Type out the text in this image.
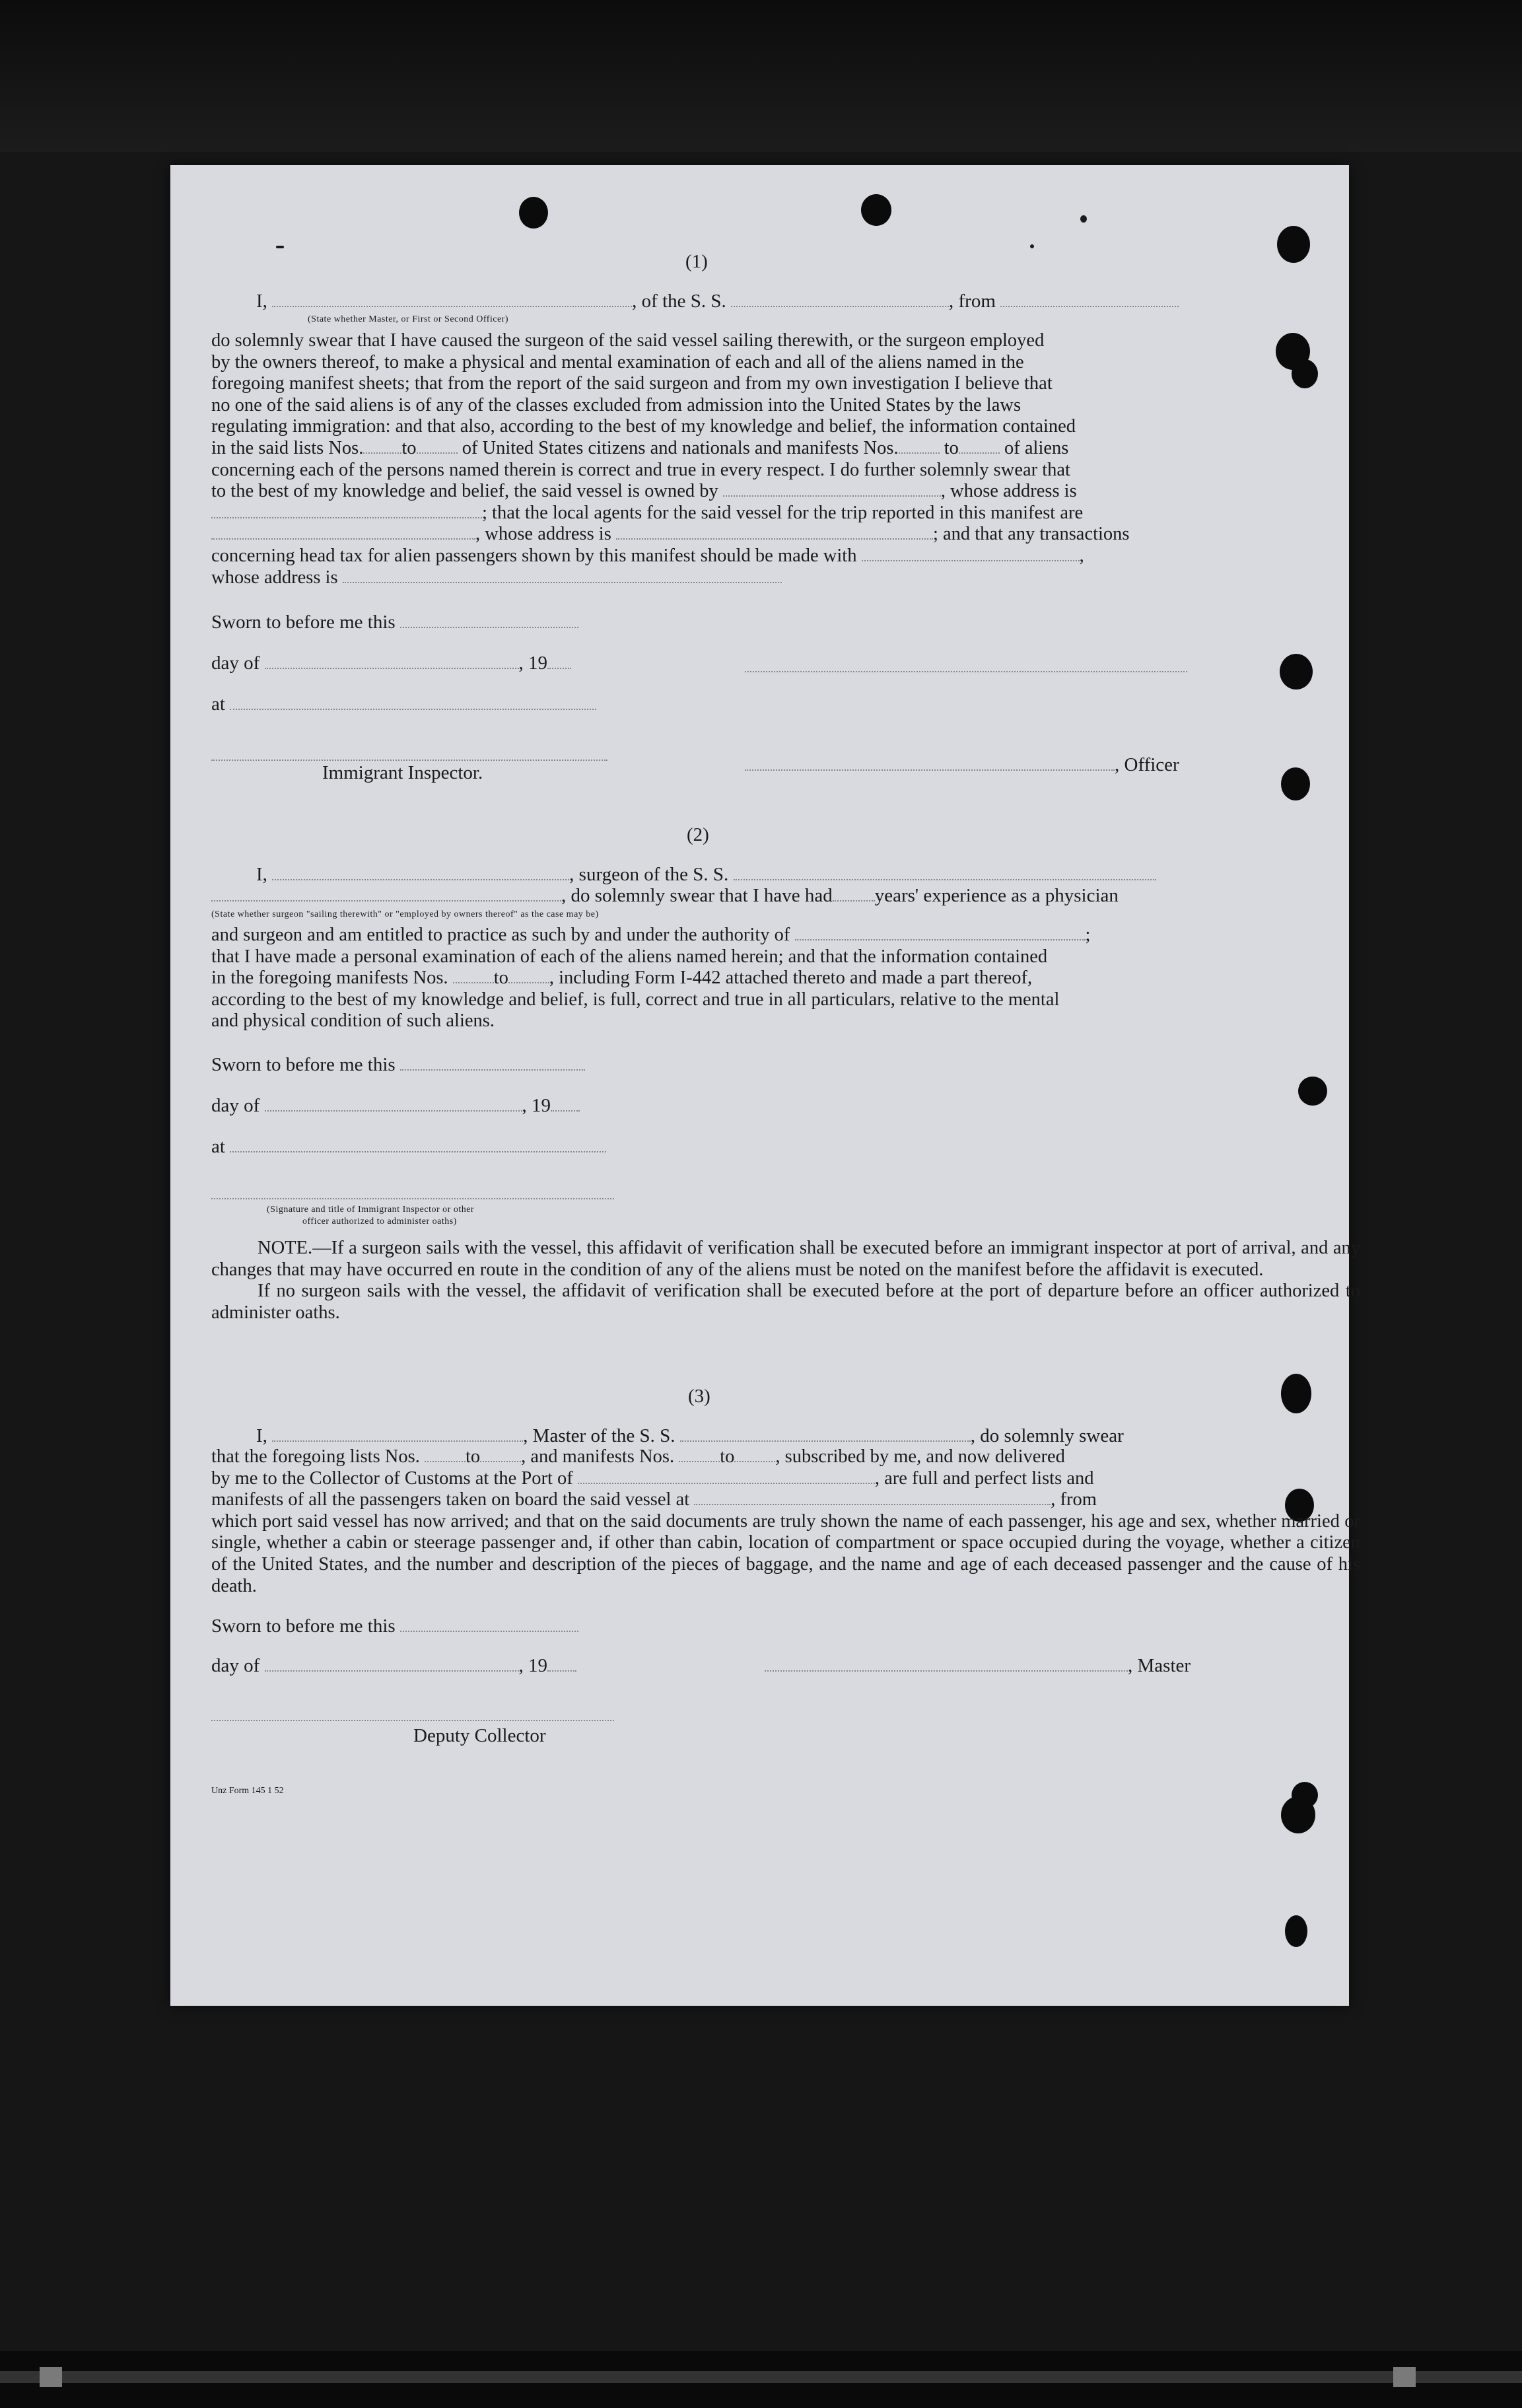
(1)
I,	, of the S. S.	, from
(State whether Master, or First or Second Officer)

do solemnly swear that I have caused the surgeon of the said vessel sailing therewith, or the surgeon employed

by the owners thereof, to make a physical and mental examination of each and all of the aliens named in the

foregoing manifest sheets; that from the report of the said surgeon and from my own investigation I believe that

no one of the said aliens is of any of the classes excluded from admission into the United States by the laws

regulating immigration: and that also, according to the best of my knowledge and belief, the information contained

in the said lists Nos. to of United States citizens and nationals and manifests Nos. to of aliens

concerning each of the persons named therein is correct and true in every respect. I do further solemnly swear that

to the best of my knowledge and belief, the said vessel is owned by	, whose address is

; that the local agents for the said vessel for the trip reported in this manifest are

, whose address is	; and that any transactions

concerning head tax for alien passengers shown by this manifest should be made with	,

whose address is

Sworn to before me this
day of	, 19
at
, Officer
Immigrant Inspector.
(2)
I,	, surgeon of the S. S.
, do solemnly swear that I have had years' experience as a physician
(State whether surgeon "sailing therewith" or "employed by owners thereof" as the case may be)

and surgeon and am entitled to practice as such by and under the authority of	;

that I have made a personal examination of each of the aliens named herein; and that the information contained

in the foregoing manifests Nos. to , including Form I-442 attached thereto and made a part thereof,

according to the best of my knowledge and belief, is full, correct and true in all particulars, relative to the mental

and physical condition of such aliens.

Sworn to before me this
day of	, 19
at
(Signature and title of Immigrant Inspector or other
officer authorized to administer oaths)

NOTE.—If a surgeon sails with the vessel, this affidavit of verification shall be executed before an immigrant inspector at port of arrival, and any changes that may have occurred en route in the condition of any of the aliens must be noted on the manifest before the affidavit is executed.

If no surgeon sails with the vessel, the affidavit of verification shall be executed before at the port of departure before an officer authorized to administer oaths.

(3)
I,	, Master of the S. S.	, do solemnly swear

that the foregoing lists Nos. to , and manifests Nos. to , subscribed by me, and now delivered

by me to the Collector of Customs at the Port of	, are full and perfect lists and

manifests of all the passengers taken on board the said vessel at	, from

which port said vessel has now arrived; and that on the said documents are truly shown the name of each passenger, his age and sex, whether married or single, whether a cabin or steerage passenger and, if other than cabin, location of compartment or space occupied during the voyage, whether a citizen of the United States, and the number and description of the pieces of baggage, and the name and age of each deceased passenger and the cause of his death.

Sworn to before me this
day of	, 19	, Master
Deputy Collector
Unz Form 145 1 52
